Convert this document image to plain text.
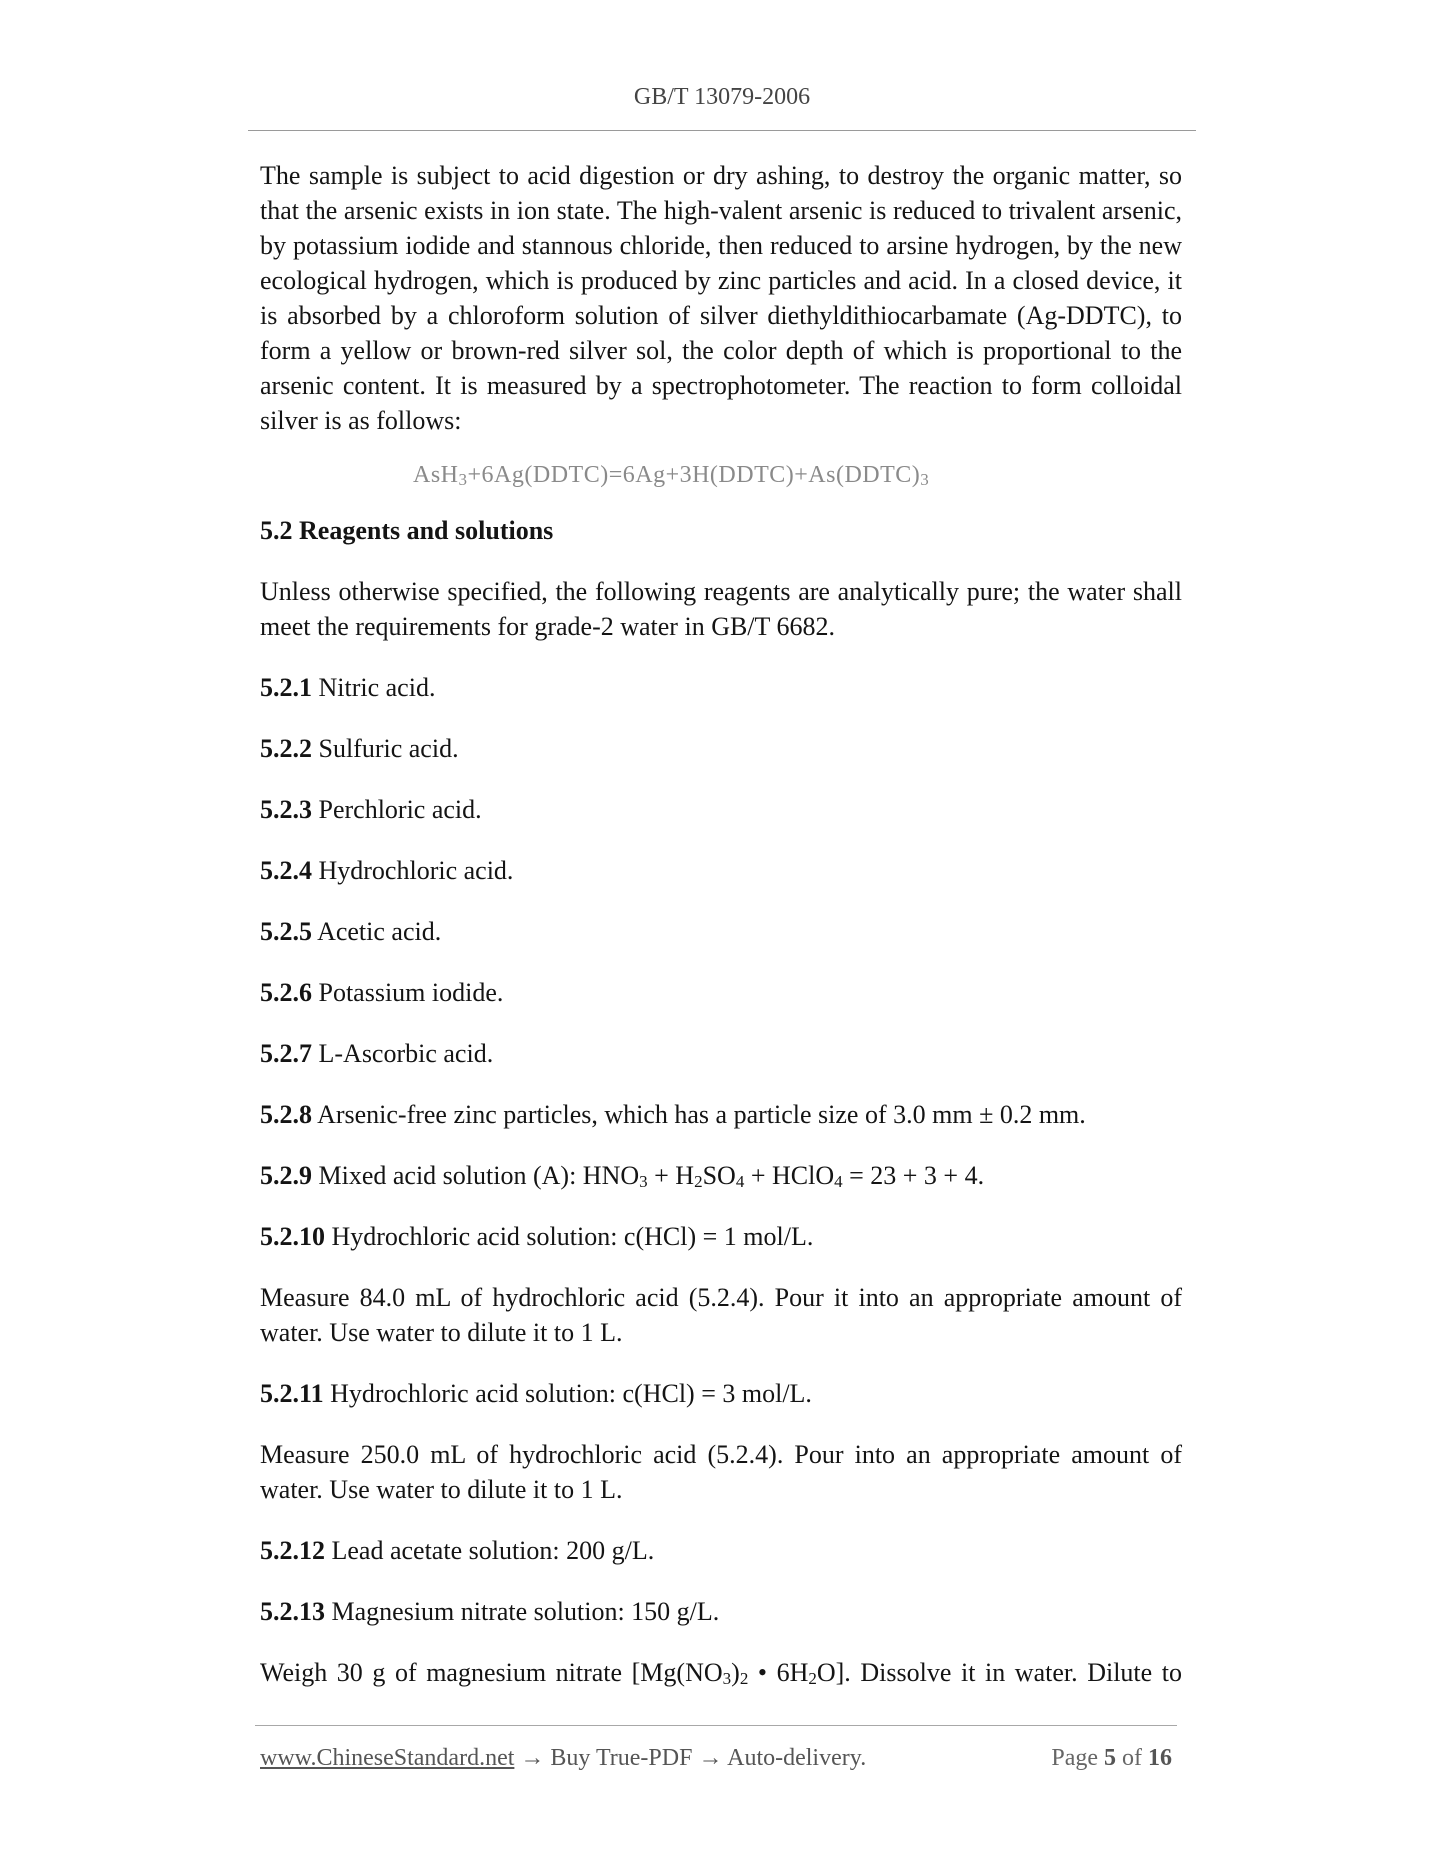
GB/T 13079-2006

The sample is subject to acid digestion or dry ashing, to destroy the organic matter, so that the arsenic exists in ion state. The high-valent arsenic is reduced to trivalent arsenic, by potassium iodide and stannous chloride, then reduced to arsine hydrogen, by the new ecological hydrogen, which is produced by zinc particles and acid. In a closed device, it is absorbed by a chloroform solution of silver diethyldithiocarbamate (Ag-DDTC), to form a yellow or brown-red silver sol, the color depth of which is proportional to the arsenic content. It is measured by a spectrophotometer. The reaction to form colloidal silver is as follows:

$AsH_3+6Ag(DDTC)=6Ag+3H(DDTC)+As(DDTC)_3$

5.2 Reagents and solutions

Unless otherwise specified, the following reagents are analytically pure; the water shall meet the requirements for grade-2 water in GB/T 6682.

5.2.1 Nitric acid.

5.2.2 Sulfuric acid.

5.2.3 Perchloric acid.

5.2.4 Hydrochloric acid.

5.2.5 Acetic acid.

5.2.6 Potassium iodide.

5.2.7 L-Ascorbic acid.

5.2.8 Arsenic-free zinc particles, which has a particle size of 3.0 mm ± 0.2 mm.

5.2.9 Mixed acid solution (A): $HNO_3 + H_2SO_4$ + HClO$_4$ = 23 + 3 + 4.

5.2.10 Hydrochloric acid solution: c(HCl) = 1 mol/L.

Measure 84.0 mL of hydrochloric acid (5.2.4). Pour it into an appropriate amount of water. Use water to dilute it to 1 L.

5.2.11 Hydrochloric acid solution: c(HCl) = 3 mol/L.

Measure 250.0 mL of hydrochloric acid (5.2.4). Pour into an appropriate amount of water. Use water to dilute it to 1 L.

5.2.12 Lead acetate solution: 200 g/L.

5.2.13 Magnesium nitrate solution: 150 g/L.

Weigh 30 g of magnesium nitrate [$Mg(NO_3)_2$ • $6H_2O$]. Dissolve it in water. Dilute to

www.ChineseStandard.net → Buy True-PDF → Auto-delivery.	Page 5 of 16
